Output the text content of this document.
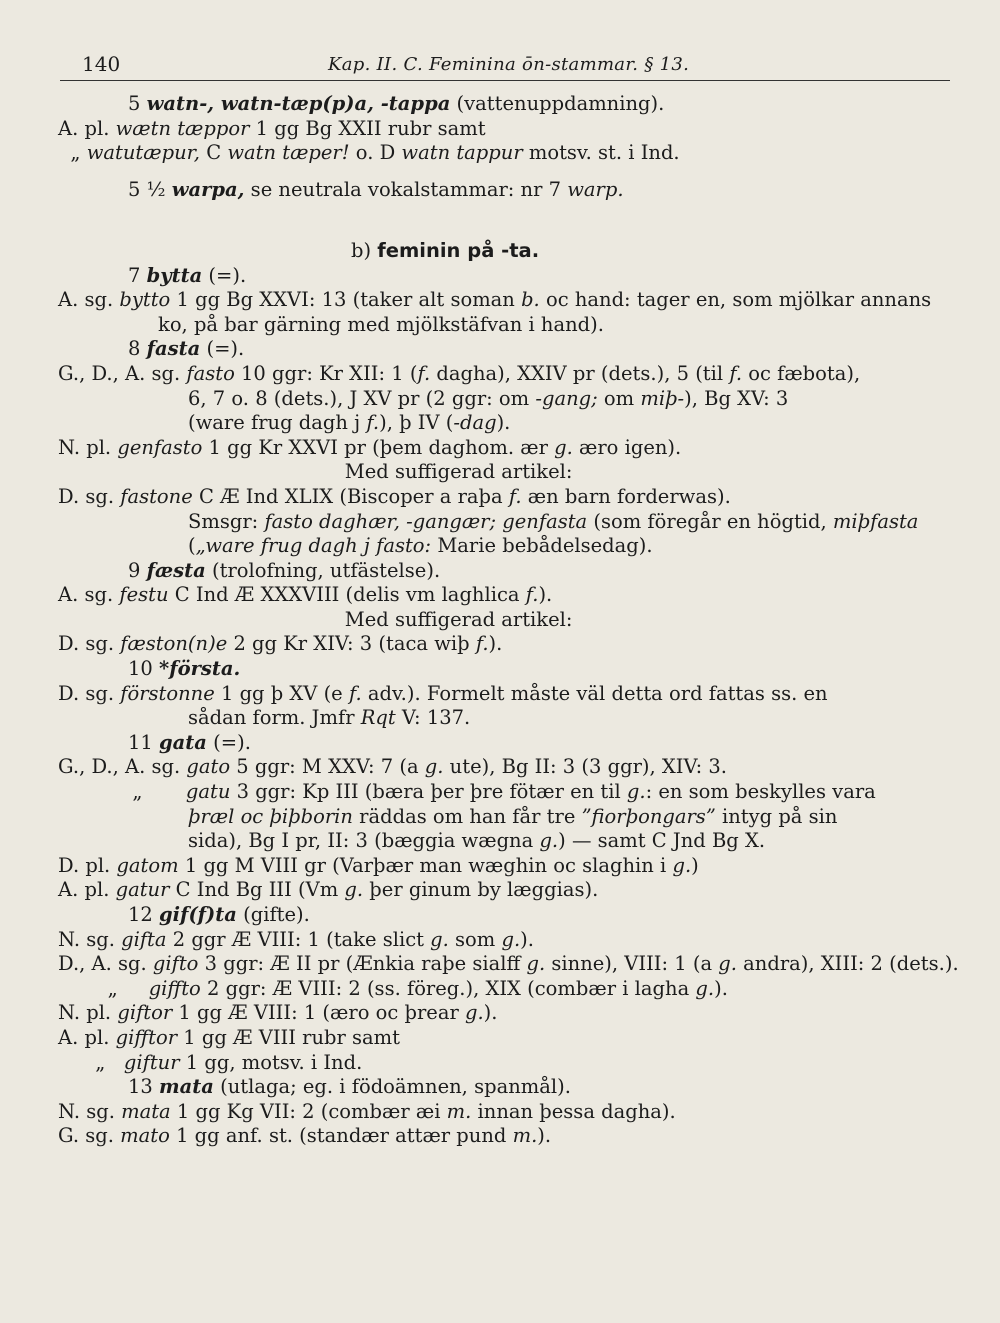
140	Kap. II. C. Feminina ōn-stammar. § 13.
5 watn-, watn-tæp(p)a, -tappa (vattenuppdamning).
A. pl. wætn tæppor 1 gg Bg XXII rubr samt
„ watutæpur, C watn tæper! o. D watn tappur motsv. st. i Ind.
5 ½ warpa, se neutrala vokalstammar: nr 7 warp.

b) feminin på -ta.
7 bytta (=).
A. sg. bytto 1 gg Bg XXVI: 13 (taker alt soman b. oc hand: tager en, som mjölkar annans
ko, på bar gärning med mjölkstäfvan i hand).
8 fasta (=).
G., D., A. sg. fasto 10 ggr: Kr XII: 1 (f. dagha), XXIV pr (dets.), 5 (til f. oc fæbota),
6, 7 o. 8 (dets.), J XV pr (2 ggr: om -gang; om miþ-), Bg XV: 3
(ware frug dagh j f.), þ IV (-dag).
N. pl. genfasto 1 gg Kr XXVI pr (þem daghom. ær g. æro igen).
Med suffigerad artikel:
D. sg. fastone C Æ Ind XLIX (Biscoper a raþa f. æn barn forderwas).
Smsgr: fasto daghær, -gangær; genfasta (som föregår en högtid, miþfasta
(„ware frug dagh j fasto: Marie bebådelsedag).
9 fæsta (trolofning, utfästelse).
A. sg. festu C Ind Æ XXXVIII (delis vm laghlica f.).
Med suffigerad artikel:
D. sg. fæston(n)e 2 gg Kr XIV: 3 (taca wiþ f.).
10 *första.
D. sg. förstonne 1 gg þ XV (e f. adv.). Formelt måste väl detta ord fattas ss. en
sådan form. Jmfr Rqt V: 137.
11 gata (=).
G., D., A. sg. gato 5 ggr: M XXV: 7 (a g. ute), Bg II: 3 (3 ggr), XIV: 3.
„       gatu 3 ggr: Kp III (bæra þer þre fötær en til g.: en som beskylles vara
þræl oc þiþborin räddas om han får tre ”fiorþongars” intyg på sin
sida), Bg I pr, II: 3 (bæggia wægna g.) — samt C Jnd Bg X.
D. pl. gatom 1 gg M VIII gr (Varþær man wæghin oc slaghin i g.)
A. pl. gatur C Ind Bg III (Vm g. þer ginum by læggias).
12 gif(f)ta (gifte).
N. sg. gifta 2 ggr Æ VIII: 1 (take slict g. som g.).
D., A. sg. gifto 3 ggr: Æ II pr (Ænkia raþe sialff g. sinne), VIII: 1 (a g. andra), XIII: 2 (dets.).
„     giffto 2 ggr: Æ VIII: 2 (ss. föreg.), XIX (combær i lagha g.).
N. pl. giftor 1 gg Æ VIII: 1 (æro oc þrear g.).
A. pl. gifftor 1 gg Æ VIII rubr samt
„   giftur 1 gg, motsv. i Ind.
13 mata (utlaga; eg. i födoämnen, spanmål).
N. sg. mata 1 gg Kg VII: 2 (combær æi m. innan þessa dagha).
G. sg. mato 1 gg anf. st. (standær attær pund m.).
